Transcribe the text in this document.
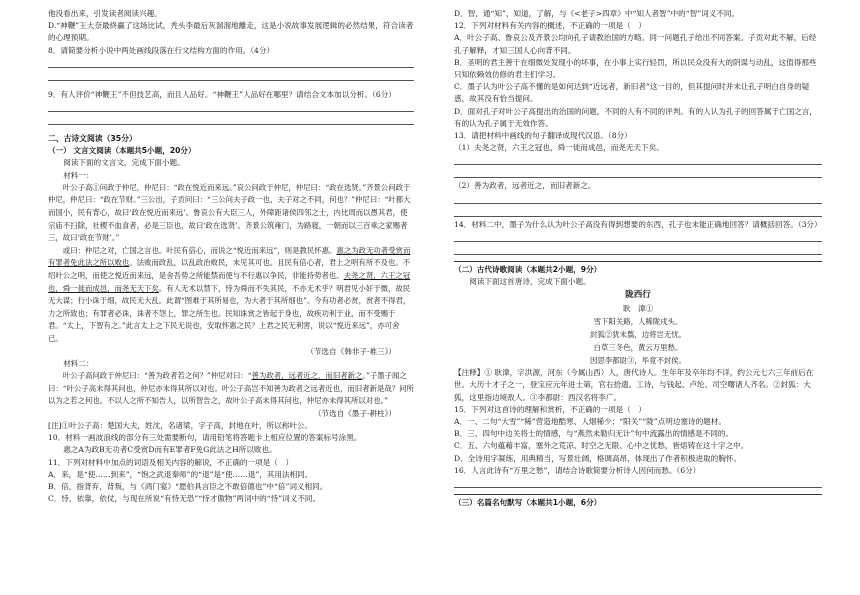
他没看出来，引发读者阅读兴趣。

D.“神鞭”王大奈最終赢了这场比试，秃头李最后灰溜溜地離走，这是小说故事发展逻辑的必然结果，符合读者的心理预期。

8．请简要分析小说中两处画线段落在行文结构方面的作用。（4分）

9．有人评价“神鞭王”不但技艺高，而且人品好。“神鞭王”人品好在哪里？请结合文本加以分析。（6分）

二、古诗文阅读（35分）

（一） 文言文阅读（本题共5小题，20分）

阅读下面的文言文，完成下面小题。

材料一：

叶公子高①问政于仲尼，仲尼曰：“政在悦近而来远。”哀公问政于仲尼，仲尼曰：“政在选贤。”齐景公问政于仲尼，仲尼曰：“政在节财。”三公出，子贡问曰：“三公问夫子政一也，夫子对之不同，何也？”仲尼曰：“叶都大而国小，民有背心，故曰‘政在悦近而来远’。鲁哀公有大臣三人，外障距诸侯四邻之士，内比周而以愚其君，使宗庙不扫除，社稷不血食者，必是三臣也，故曰‘政在选贤’。齐景公筑雍门，为路寝，一朝而以三百乘之家赐者三，故曰‘政在节财’。”

或曰：仲尼之对，亡国之言也。叶民有倍心，而说之“悦近而来远”，则是教民怀惠。惠之为政无功者受赏而有罪者免此法之所以败也。法败而政乱，以乱政治败民，未见其可也。且民有倍心者，君上之明有所不及也。不绍叶公之明，而使之悦近而来远，是舍吾势之所能禁而使与不行惠以争民，非能持势者也。夫尧之贤，六王之冠也，舜一徙而成邑，而尧无天下矣。有人无术以禁下，恃为舜而不失其民，不亦无术乎？明君见小奸于微，故民无大谋；行小诛于细，故民无大乱。此谓“图难于其所易也，为大者于其所细也”。今有功者必赏，赏者不得君，力之所致也；有罪者必诛，诛者不怨上，罪之所生也。民知诛赏之皆起于身也，故疾功利于业，而不受赐于君。“太上，下智有之。”此言太上之下民无说也，安取怀惠之民？上君之民无利害，说以“悦近来远”，亦可舍已。

（节选自《韩非子·难三》）

材料二：

叶公子高问政于仲尼曰：“善为政者若之何？”仲尼对曰：“善为政者，远者近之，而旧者新之。”子墨子闻之曰：“叶公子高未得其问也，仲尼亦未得其所以对也。叶公子高岂不知善为政者之远者近也，而旧者新是哉？问所以为之若之何也。不以人之所不知告人，以所智告之，故叶公子高未得其问也，仲尼亦未得其所以对也。”

（节选自《墨子·耕柱》）

[注]①叶公子高：楚国大夫，姓沈，名诸梁，字子高，封地在叶，所以称叶公。

10．材料一画波浪线的部分有三处需要断句，请用铅笔将答题卡上相应位置的答案标号涂黑。

惠之A为政B无功者C受赏D而有E罪者F免G此法之H所以败也。

11．下列对材料中加点的词语及相关内容的解说，不正确的一项是（　）

A．来，是“使……到来”，“饱之武退秦师”的“退”是“使……退”，其用法相同。

B．倍，指背弃，背叛，与《鸿门宴》“愿伯具言臣之不敢倍德也”中“倍”词义相同。

C．恃，依靠，依仗，与现在所说“有恃无恐”“恃才傲物”两词中的“恃”词义不同。

D．智，通“知”，知道，了解，与《<老子>四章》中“知人者智”中的“智”词义不同。

12．下列对材料有关内容的概述，不正确的一项是（　）

A．叶公子高、鲁哀公及齐景公均向孔子请教治国的方略。同一问题孔子给出不同答案。子贡对此不解，后经孔子解释，才知三国人心向背不同。

B．圣明的君主善于在细微处发现小的坏事，在小事上实行轻罚，所以民众没有大的阴谋与动乱，这值得那些只知依赖效仿修的君主们学习。

C．墨子认为叶公子高不懂的是如何达到“近远者，新旧者”这一目的，但其提问时并未让孔子明白自身的疑惑，故其没有恰当提问。

D．面对孔子对叶公子高提出的治国的问题，不同的人有不同的评判。有的人认为孔子的回答属于亡国之言，有的认为孔子属于无效作答。

13．请把材料中画线的句子翻译成现代汉语。（8分）

（1）夫尧之贤，六王之冠也，舜一徙而成邑，而尧无天下矣。

（2）善为政者，远者近之，而旧者新之。

14．材料二中，墨子为什么认为叶公子高没有得到想要的东西，孔子也未能正确地回答？请概括回答。（3分）

（二）古代诗歌阅读（本题共2小题，9分）

阅读下面这首唐诗，完成下面小题。

陇西行

耿　湋①

雪下阳关路，人稀陇戍头。

封狐②犹未翦，边将岂无忧。

白草三冬色，黄云万里愁。

因思李都尉③，毕竟不封侯。

【注释】① 耿湋，字洪源，河东（今属山西）人，唐代诗人。生年年及卒年均不详，约公元七六三年前后在世。大历十才子之一，登宝应元年进士第，官右拾遗。工诗，与钱起、卢纶、司空曙诸人齐名。②封狐：大狐，这里指边境敌人。③李都尉：西汉名将李广。

15．下列对这首诗的理解和赏析，不正确的一项是（　）

A．一、二句“大雪”“稀”营造地酷寒、人烟稀少；“阳关”“陇”点明边塞诗的题材。

B．三、四句中边关将士的情感，与“燕然未勒归无计”句中流露出的情感是不同的。

C．五、六句蕴藉丰富，塞外之荒凉、时空之无限、心中之忧愁，皆熔铸在这十字之中。

D．全诗用字凝练，用典精当，写景壮阔，格调高昂，体现出了作者积极进取的胸怀。

16．人言此诗有“万里之愁”，请结合诗歌简要分析诗人因何而愁。（6分）

（三）名篇名句默写（本题共1小题，6分）
